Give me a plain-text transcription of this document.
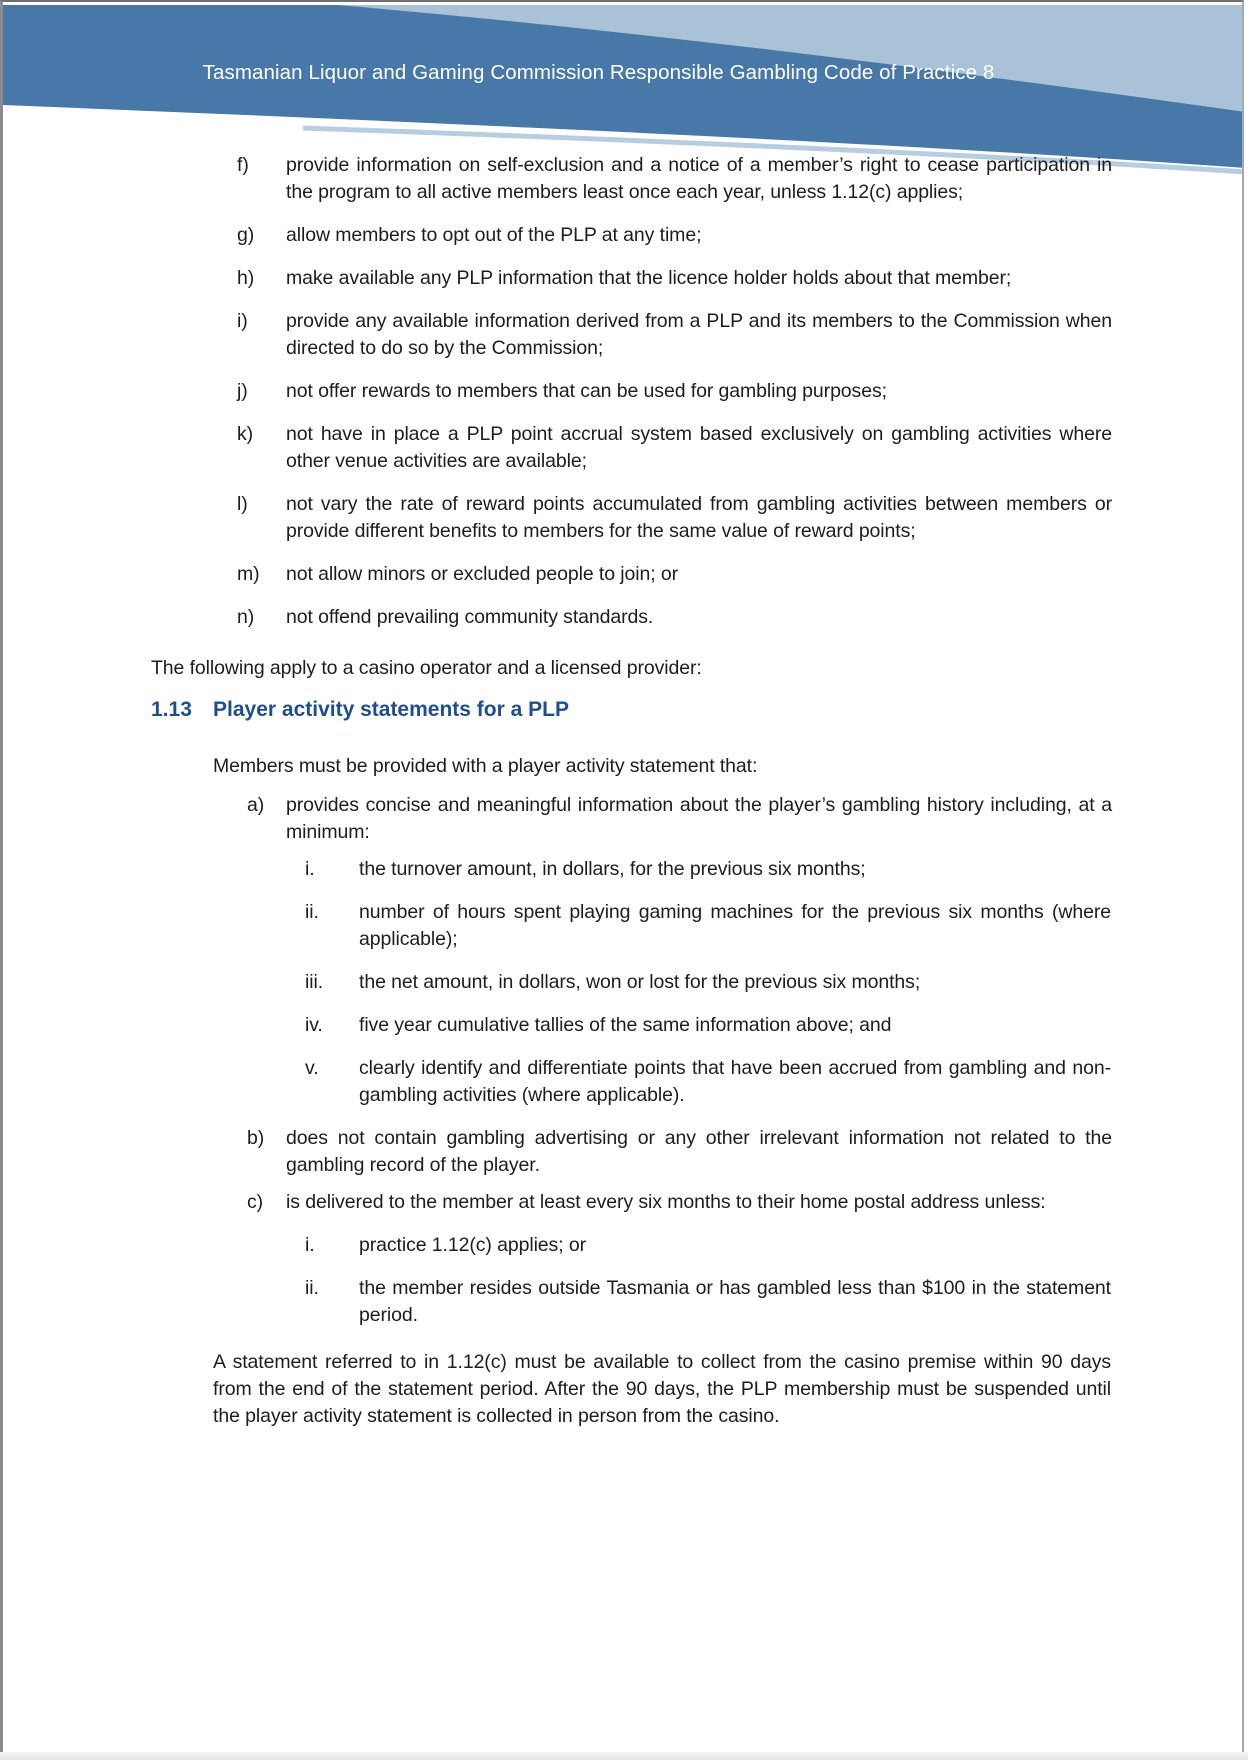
Tasmanian Liquor and Gaming Commission Responsible Gambling Code of Practice 8
f)	provide information on self-exclusion and a notice of a member’s right to cease participation in the program to all active members least once each year, unless 1.12(c) applies;
g)	allow members to opt out of the PLP at any time;
h)	make available any PLP information that the licence holder holds about that member;
i)	provide any available information derived from a PLP and its members to the Commission when directed to do so by the Commission;
j)	not offer rewards to members that can be used for gambling purposes;
k)	not have in place a PLP point accrual system based exclusively on gambling activities where other venue activities are available;
l)	not vary the rate of reward points accumulated from gambling activities between members or provide different benefits to members for the same value of reward points;
m)	not allow minors or excluded people to join; or
n)	not offend prevailing community standards.

The following apply to a casino operator and a licensed provider:

1.13	Player activity statements for a PLP

Members must be provided with a player activity statement that:

a)	provides concise and meaningful information about the player’s gambling history including, at a minimum:
i.	the turnover amount, in dollars, for the previous six months;
ii.	number of hours spent playing gaming machines for the previous six months (where applicable);
iii.	the net amount, in dollars, won or lost for the previous six months;
iv.	five year cumulative tallies of the same information above; and
v.	clearly identify and differentiate points that have been accrued from gambling and non-gambling activities (where applicable).
b)	does not contain gambling advertising or any other irrelevant information not related to the gambling record of the player.
c)	is delivered to the member at least every six months to their home postal address unless:
i.	practice 1.12(c) applies; or
ii.	the member resides outside Tasmania or has gambled less than $100 in the statement period.

A statement referred to in 1.12(c) must be available to collect from the casino premise within 90 days from the end of the statement period. After the 90 days, the PLP membership must be suspended until the player activity statement is collected in person from the casino.
